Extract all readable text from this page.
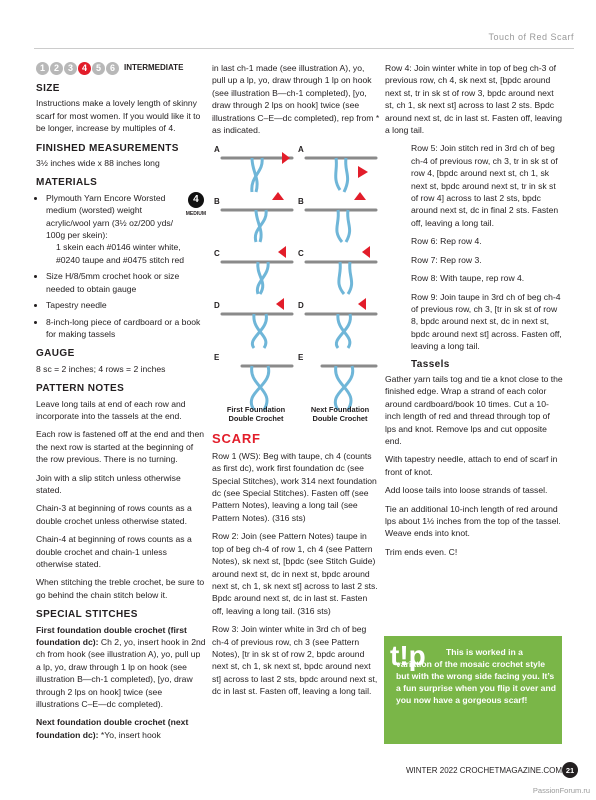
Touch of Red Scarf
1 2 3 4 5 6	INTERMEDIATE
SIZE

Instructions make a lovely length of skinny scarf for most women. If you would like it to be longer, increase by multiples of 4.

FINISHED MEASUREMENTS

3½ inches wide x 88 inches long

MATERIALS
• 4
MEDIUM
Plymouth Yarn Encore Worsted medium (worsted) weight acrylic/wool yarn (3½ oz/200 yds/ 100g per skein):
1 skein each #0146 winter white, #0240 taupe and #0475 stitch red
• Size H/8/5mm crochet hook or size needed to obtain gauge
• Tapestry needle
• 8-inch-long piece of cardboard or a book for making tassels
GAUGE

8 sc = 2 inches; 4 rows = 2 inches

PATTERN NOTES

Leave long tails at end of each row and incorporate into the tassels at the end.

Each row is fastened off at the end and then the next row is started at the beginning of the row previous. There is no turning.

Join with a slip stitch unless otherwise stated.

Chain-3 at beginning of rows counts as a double crochet unless otherwise stated.

Chain-4 at beginning of rows counts as a double crochet and chain-1 unless otherwise stated.

When stitching the treble crochet, be sure to go behind the chain stitch below it.

SPECIAL STITCHES

First foundation double crochet (first foundation dc): Ch 2, yo, insert hook in 2nd ch from hook (see illustration A), yo, pull up a lp, yo, draw through 1 lp on hook (see illustration B—ch-1 completed), [yo, draw through 2 lps on hook] twice (see illustrations C–E—dc completed).

Next foundation double crochet (next foundation dc): *Yo, insert hook

in last ch-1 made (see illustration A), yo, pull up a lp, yo, draw through 1 lp on hook (see illustration B—ch-1 completed), [yo, draw through 2 lps on hook] twice (see illustrations C–E—dc completed), rep from * as indicated.

A	A
B	B
C	C
D	D
E	E
First Foundation Double Crochet
Next Foundation Double Crochet
SCARF

Row 1 (WS): Beg with taupe, ch 4 (counts as first dc), work first foundation dc (see Special Stitches), work 314 next foundation dc (see Special Stitches). Fasten off (see Pattern Notes), leaving a long tail (see Pattern Notes). (316 sts)

Row 2: Join (see Pattern Notes) taupe in top of beg ch-4 of row 1, ch 4 (see Pattern Notes), sk next st, [bpdc (see Stitch Guide) around next st, dc in next st, bpdc around next st, ch 1, sk next st] across to last 2 sts. Bpdc around next st, dc in last st. Fasten off, leaving a long tail. (316 sts)

Row 3: Join winter white in 3rd ch of beg ch-4 of previous row, ch 3 (see Pattern Notes), [tr in sk st of row 2, bpdc around next st, ch 1, sk next st, bpdc around next st] across to last 2 sts, bpdc around next st, dc in last st. Fasten off, leaving a long tail.

Row 4: Join winter white in top of beg ch-3 of previous row, ch 4, sk next st, [bpdc around next st, tr in sk st of row 3, bpdc around next st, ch 1, sk next st] across to last 2 sts. Bpdc around next st, dc in last st. Fasten off, leaving a long tail.

Row 5: Join stitch red in 3rd ch of beg ch-4 of previous row, ch 3, tr in sk st of row 4, [bpdc around next st, ch 1, sk next st, bpdc around next st, tr in sk st of row 4] across to last 2 sts, bpdc around next st, dc in final 2 sts. Fasten off, leaving a long tail.

Row 6: Rep row 4.

Row 7: Rep row 3.

Row 8: With taupe, rep row 4.

Row 9: Join taupe in 3rd ch of beg ch-4 of previous row, ch 3, [tr in sk st of row 8, bpdc around next st, dc in next st, bpdc around next st] across. Fasten off, leaving a long tail.

Tassels

Gather yarn tails tog and tie a knot close to the finished edge. Wrap a strand of each color around cardboard/book 10 times. Cut a 10-inch length of red and thread through top of lps and knot. Remove lps and cut opposite end.

With tapestry needle, attach to end of scarf in front of knot.

Add loose tails into loose strands of tassel.

Tie an additional 10-inch length of red around lps about 1½ inches from the top of the tassel. Weave ends into knot.

Trim ends even. C!

t!p	This is worked in a variation of the mosaic crochet style but with the wrong side facing you. It’s a fun surprise when you flip it over and you now have a gorgeous scarf!
WINTER 2022 CROCHETMAGAZINE.COM 21
PassionForum.ru
